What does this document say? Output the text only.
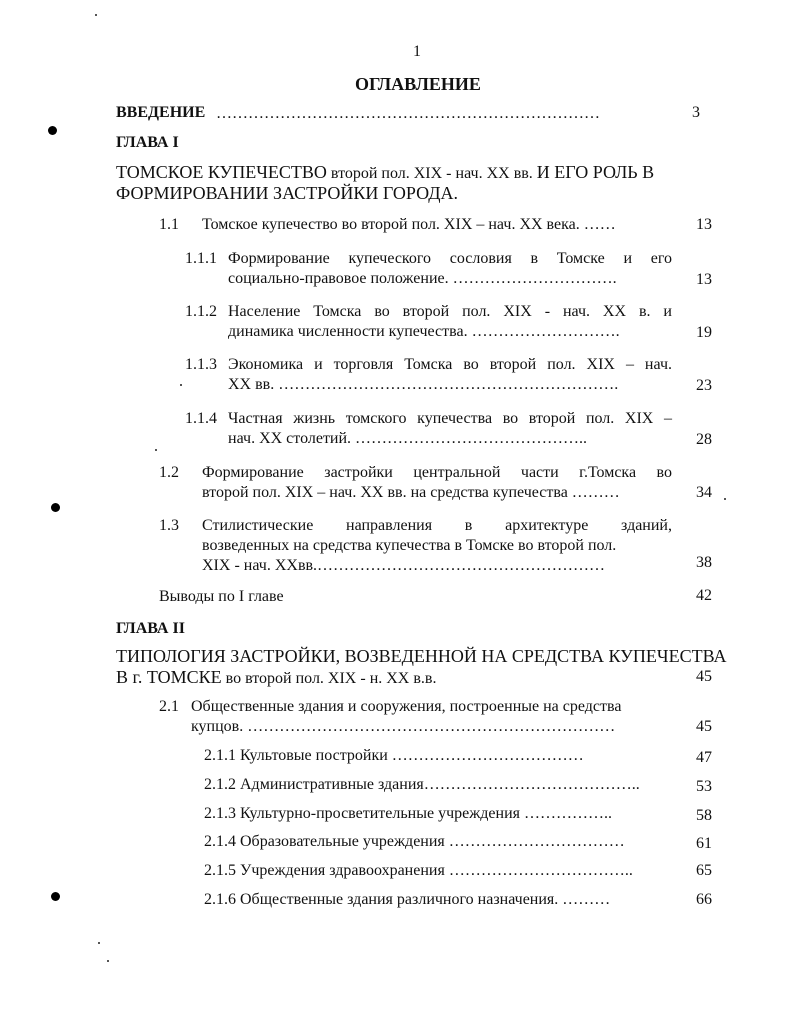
1
ОГЛАВЛЕНИЕ
ВВЕДЕНИЕ ………………………………………………………………	3
ГЛАВА I
ТОМСКОЕ КУПЕЧЕСТВО второй пол. XIX - нач. XX вв. И ЕГО РОЛЬ В
ФОРМИРОВАНИИ ЗАСТРОЙКИ ГОРОДА.
1.1 Томское купечество во второй пол. XIX – нач. XX века. ……	13
1.1.1 Формирование купеческого сословия в Томске и его
социально-правовое положение. ………………………….	13
1.1.2 Население Томска во второй пол. XIX - нач. XX в. и
динамика численности купечества. ……………………….	19
1.1.3 Экономика и торговля Томска во второй пол. XIX – нач.
XX вв. ……………………………………………………….	23
1.1.4 Частная жизнь томского купечества во второй пол. XIX –
нач. XX столетий. ……………………………………..	28
1.2 Формирование застройки центральной части г.Томска во
второй пол. XIX – нач. XX вв. на средства купечества ………	34
1.3 Стилистические направления в архитектуре зданий,
возведенных на средства купечества в Томске во второй пол.
XIX - нач. XXвв.………………………………………………	38
Выводы по I главе	42
ГЛАВА II
ТИПОЛОГИЯ ЗАСТРОЙКИ, ВОЗВЕДЕННОЙ НА СРЕДСТВА КУПЕЧЕСТВА
В г. ТОМСКЕ во второй пол. XIX - н. XX в.в.	45
2.1 Общественные здания и сооружения, построенные на средства
купцов. ……………………………………………………………	45
2.1.1 Культовые постройки ………………………………	47
2.1.2 Административные здания…………………………………..	53
2.1.3 Культурно-просветительные учреждения ……………..	58
2.1.4 Образовательные учреждения ……………………………	61
2.1.5 Учреждения здравоохранения ……………………………..	65
2.1.6 Общественные здания различного назначения. ………	66
